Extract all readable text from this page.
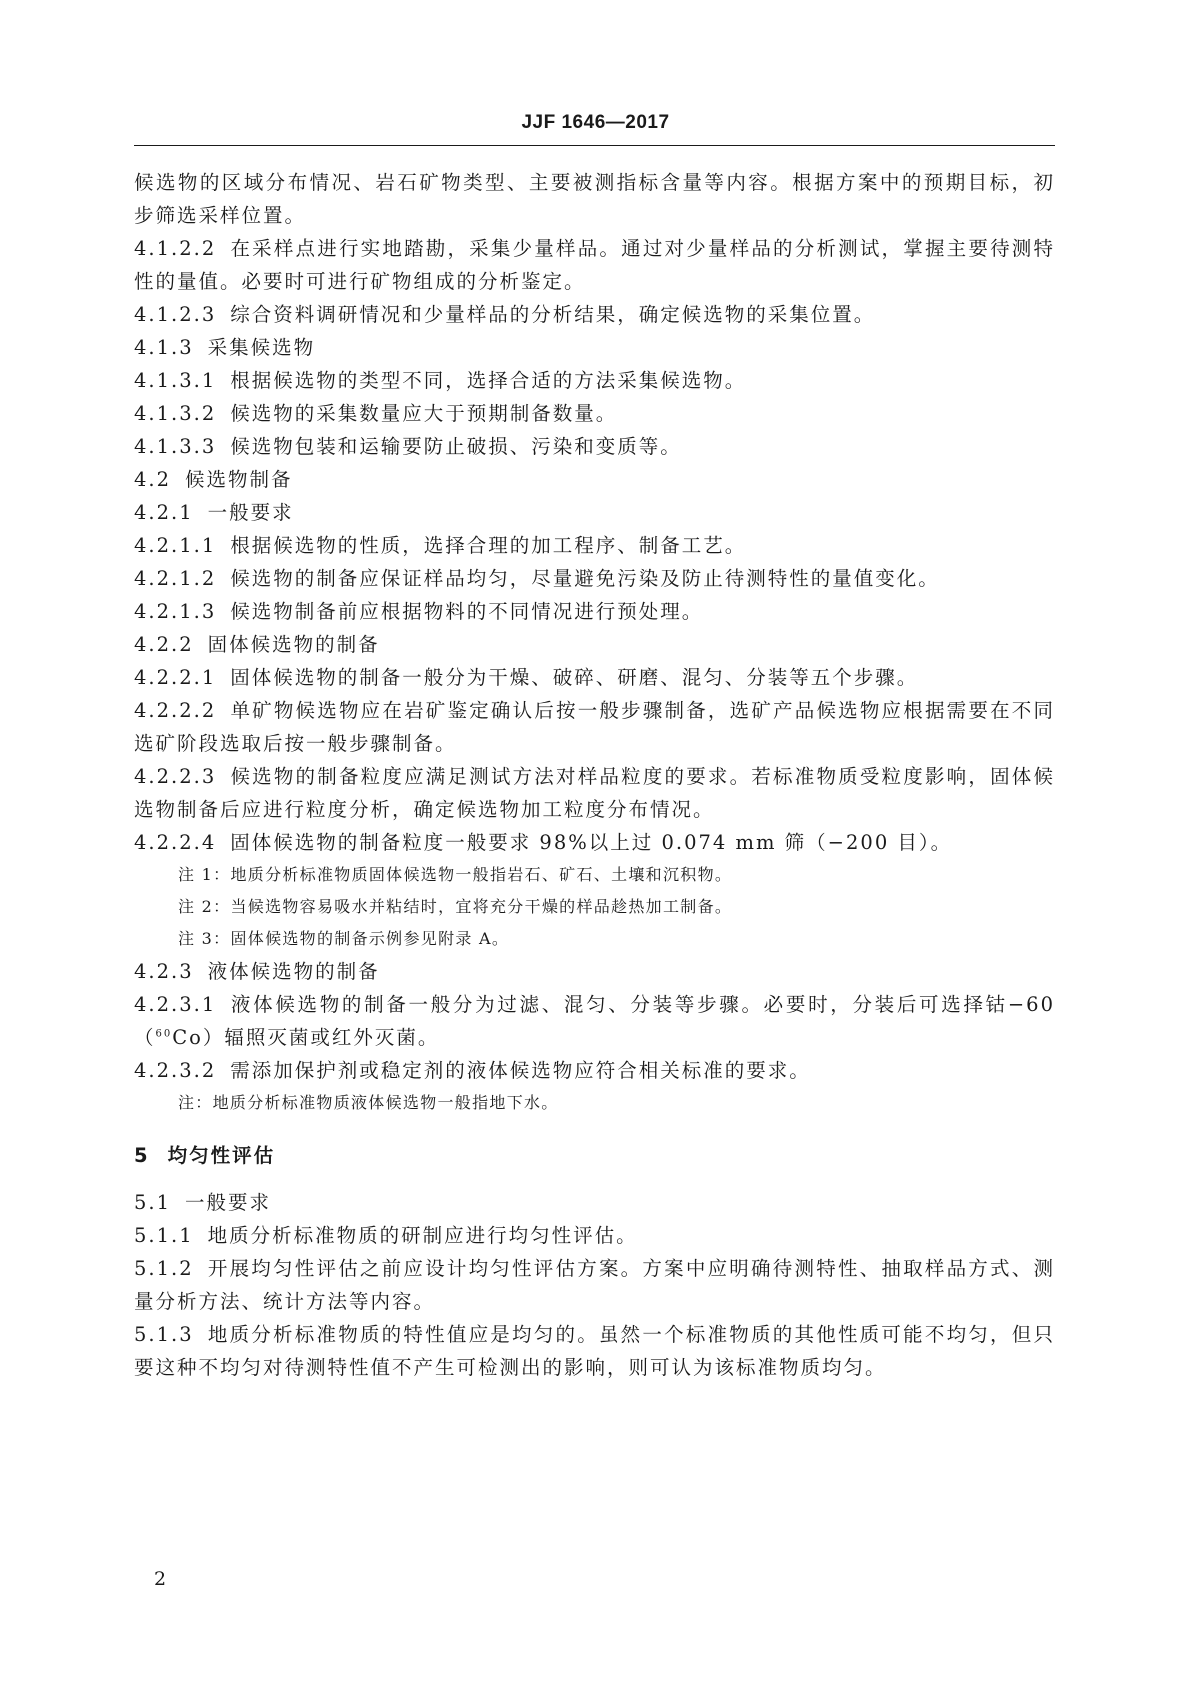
JJF 1646—2017

候选物的区域分布情况、岩石矿物类型、主要被测指标含量等内容。根据方案中的预期目标，初步筛选采样位置。

4.1.2.2 在采样点进行实地踏勘，采集少量样品。通过对少量样品的分析测试，掌握主要待测特性的量值。必要时可进行矿物组成的分析鉴定。

4.1.2.3 综合资料调研情况和少量样品的分析结果，确定候选物的采集位置。

4.1.3 采集候选物

4.1.3.1 根据候选物的类型不同，选择合适的方法采集候选物。

4.1.3.2 候选物的采集数量应大于预期制备数量。

4.1.3.3 候选物包装和运输要防止破损、污染和变质等。

4.2 候选物制备

4.2.1 一般要求

4.2.1.1 根据候选物的性质，选择合理的加工程序、制备工艺。

4.2.1.2 候选物的制备应保证样品均匀，尽量避免污染及防止待测特性的量值变化。

4.2.1.3 候选物制备前应根据物料的不同情况进行预处理。

4.2.2 固体候选物的制备

4.2.2.1 固体候选物的制备一般分为干燥、破碎、研磨、混匀、分装等五个步骤。

4.2.2.2 单矿物候选物应在岩矿鉴定确认后按一般步骤制备，选矿产品候选物应根据需要在不同选矿阶段选取后按一般步骤制备。

4.2.2.3 候选物的制备粒度应满足测试方法对样品粒度的要求。若标准物质受粒度影响，固体候选物制备后应进行粒度分析，确定候选物加工粒度分布情况。

4.2.2.4 固体候选物的制备粒度一般要求 98%以上过 0.074 mm 筛（−200 目）。

注 1：地质分析标准物质固体候选物一般指岩石、矿石、土壤和沉积物。

注 2：当候选物容易吸水并粘结时，宜将充分干燥的样品趁热加工制备。

注 3：固体候选物的制备示例参见附录 A。

4.2.3 液体候选物的制备

4.2.3.1 液体候选物的制备一般分为过滤、混匀、分装等步骤。必要时，分装后可选择钴−60（$^{60}$Co）辐照灭菌或红外灭菌。

4.2.3.2 需添加保护剂或稳定剂的液体候选物应符合相关标准的要求。

注：地质分析标准物质液体候选物一般指地下水。

5 均匀性评估

5.1 一般要求

5.1.1 地质分析标准物质的研制应进行均匀性评估。

5.1.2 开展均匀性评估之前应设计均匀性评估方案。方案中应明确待测特性、抽取样品方式、测量分析方法、统计方法等内容。

5.1.3 地质分析标准物质的特性值应是均匀的。虽然一个标准物质的其他性质可能不均匀，但只要这种不均匀对待测特性值不产生可检测出的影响，则可认为该标准物质均匀。

2
